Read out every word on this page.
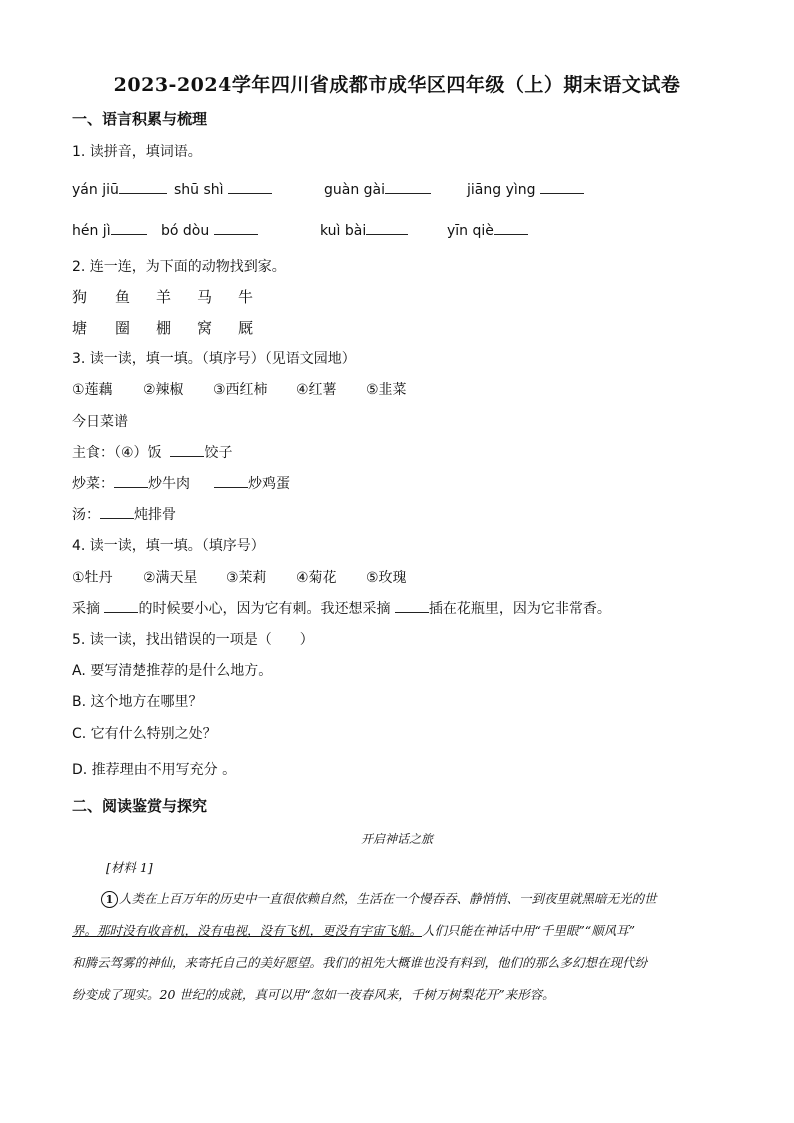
2023-2024学年四川省成都市成华区四年级（上）期末语文试卷
一、语言积累与梳理
1. 读拼音，填词语。
yán jiū	shū shì	guàn gài	jiāng yìng
hén jì	bó dòu	kuì bài	yīn qiè
2. 连一连，为下面的动物找到家。
狗 鱼 羊 马 牛
塘 圈 棚 窝 厩
3. 读一读，填一填。（填序号）（见语文园地）
①莲藕 ②辣椒 ③西红柿 ④红薯 ⑤韭菜
今日菜谱
主食：（④）饭	饺子
炒菜： 炒牛肉	炒鸡蛋
汤： 炖排骨
4. 读一读，填一填。（填序号）
①牡丹 ②满天星 ③茉莉 ④菊花 ⑤玫瑰
采摘	的时候要小心，因为它有刺。我还想采摘	插在花瓶里，因为它非常香。
5. 读一读，找出错误的一项是（　　）
A. 要写清楚推荐的是什么地方。
B. 这个地方在哪里？
C. 它有什么特别之处？
D. 推荐理由不用写充分 。
二、阅读鉴赏与探究
开启神话之旅
[材料 1]
1 人类在上百万年的历史中一直很依赖自然，生活在一个慢吞吞、静悄悄、一到夜里就黑暗无光的世
界。那时没有收音机，没有电视，没有飞机，更没有宇宙飞船。人们只能在神话中用“千里眼”“顺风耳”
和腾云驾雾的神仙，来寄托自己的美好愿望。我们的祖先大概谁也没有料到，他们的那么多幻想在现代纷
纷变成了现实。20 世纪的成就，真可以用“忽如一夜春风来，千树万树梨花开”来形容。
